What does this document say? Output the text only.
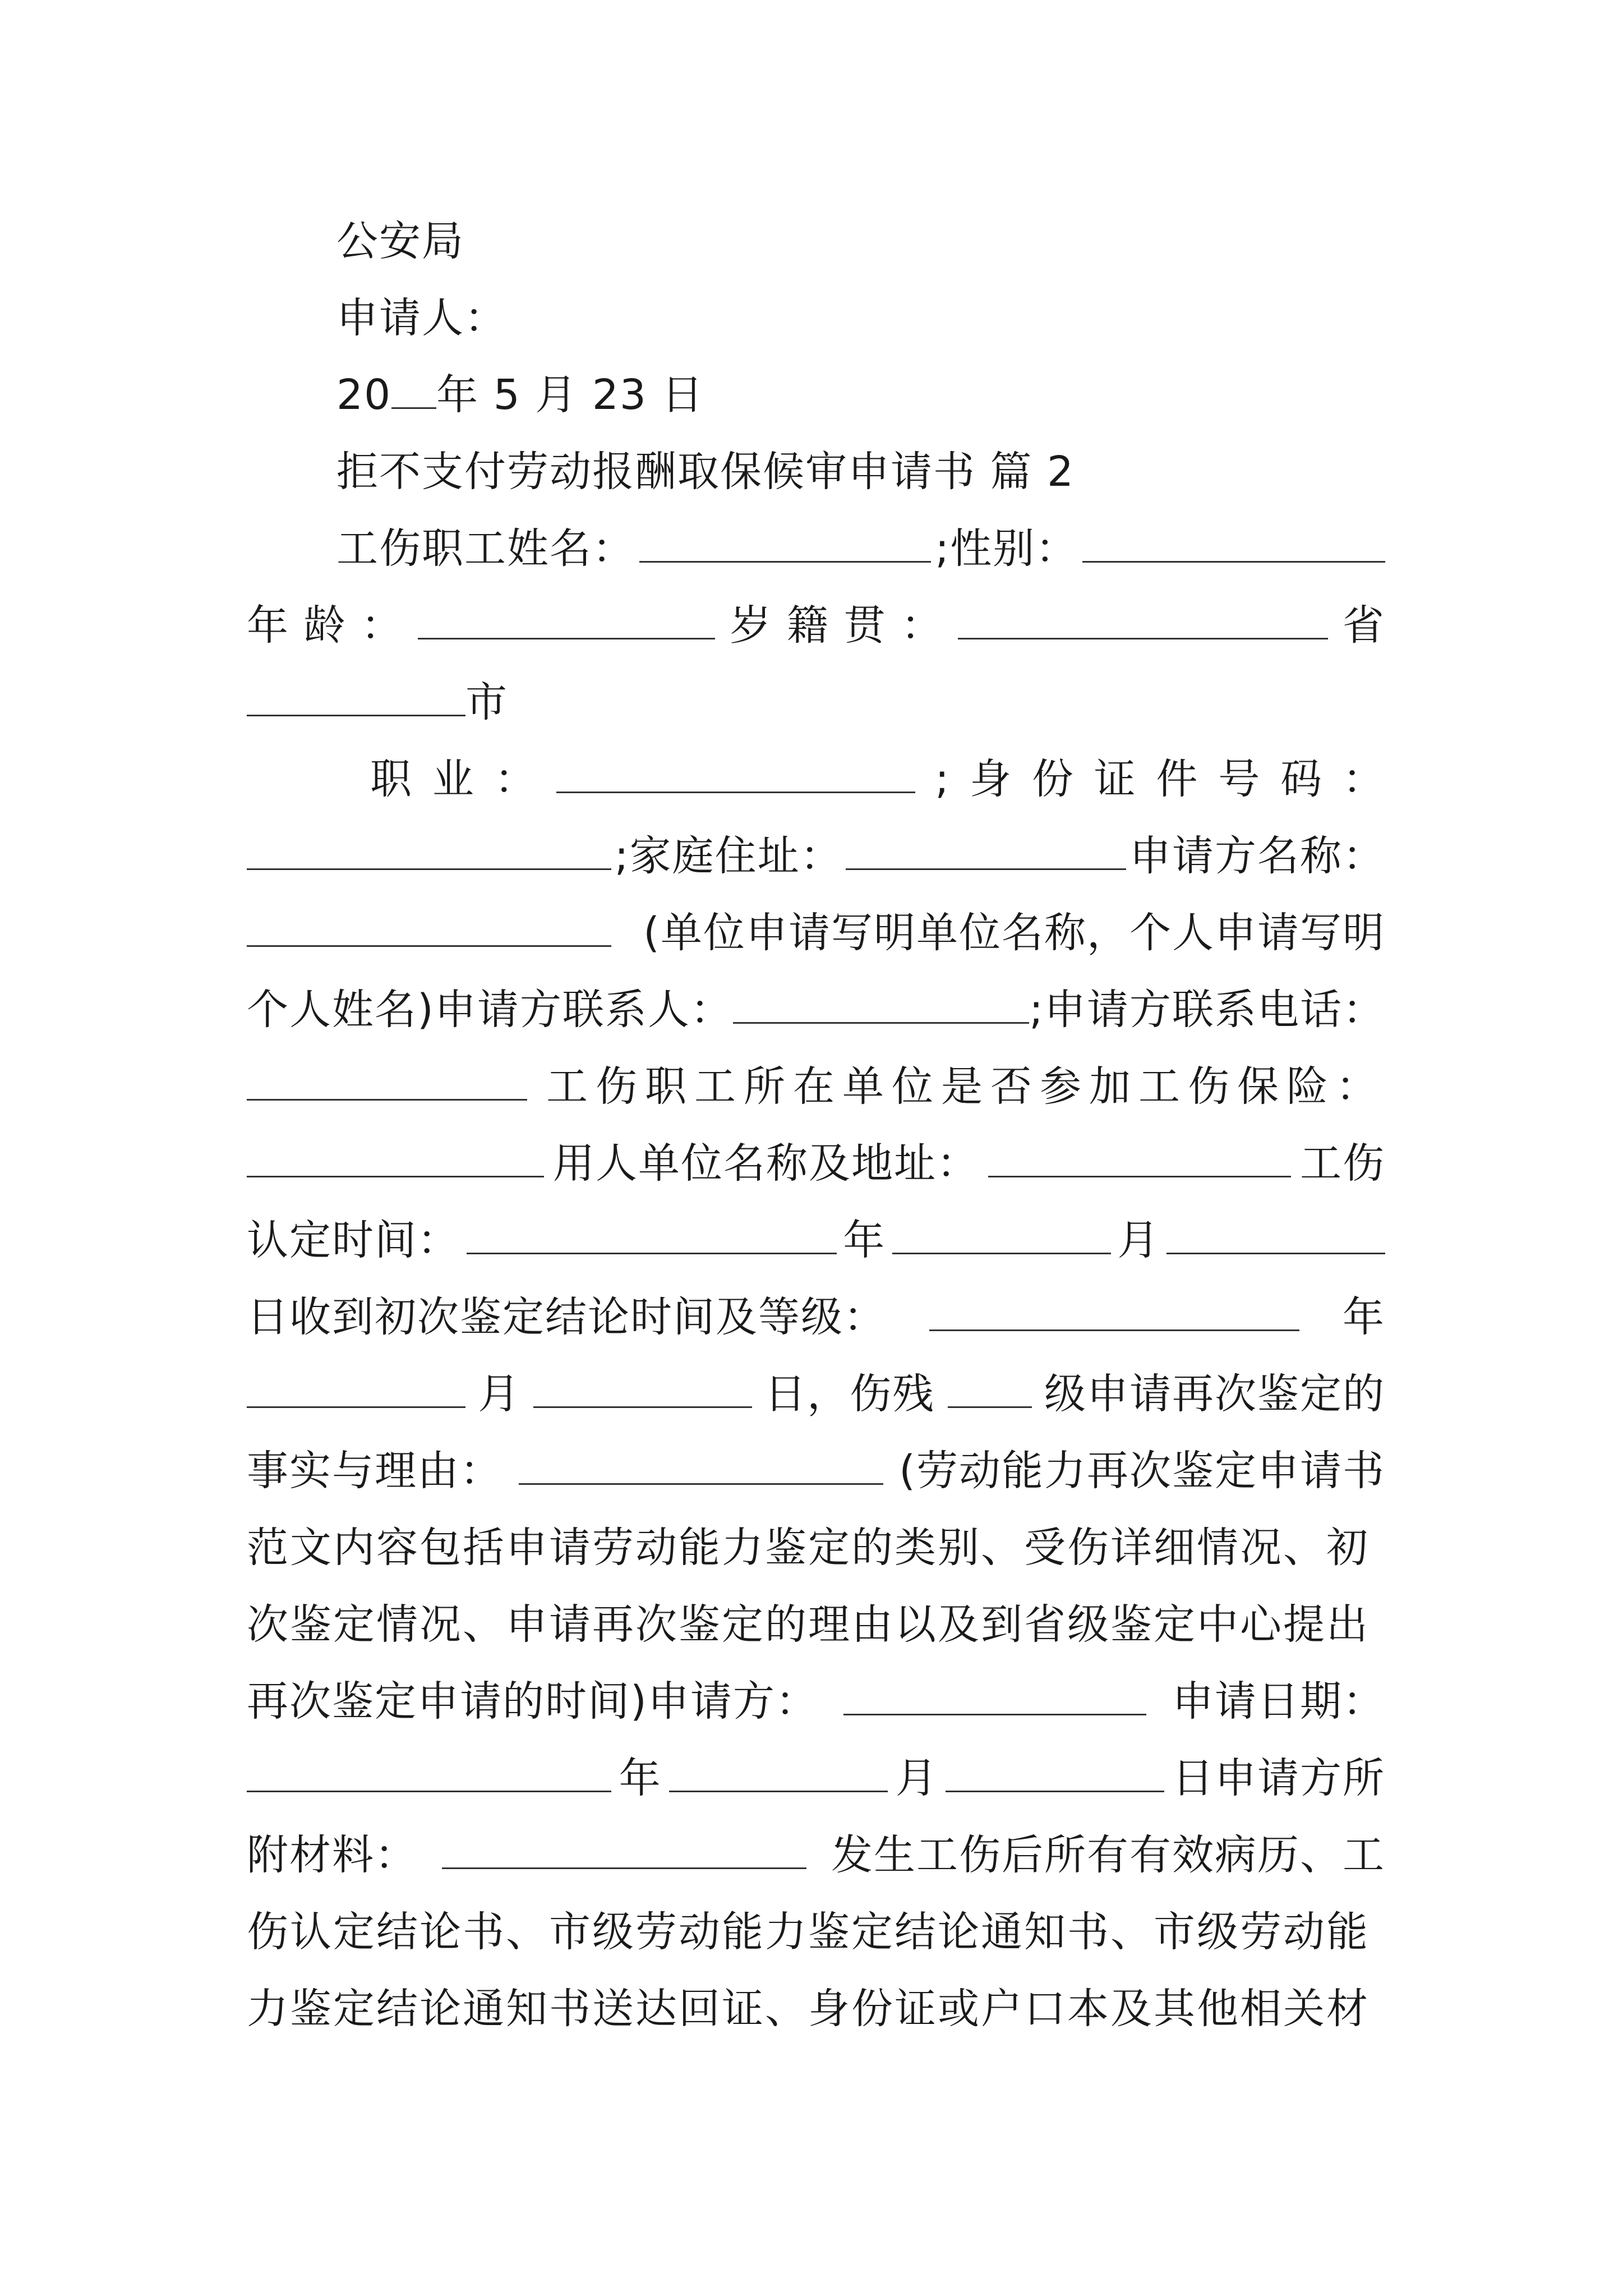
公安局
申请人：
20 年 5 月 23 日
拒不支付劳动报酬取保候审申请书 篇 2
工伤职工姓名：	;性别：
年 龄 ：	岁 籍 贯 ：	省
市
职 业 ：	; 身 份 证 件 号 码 ：
;家庭住址：	申请方名称：
(单位申请写明单位名称，个人申请写明
个人姓名)申请方联系人：	;申请方联系电话：
工伤职工所在单位是否参加工伤保险：
用人单位名称及地址：	工伤
认定时间：	年	月
日收到初次鉴定结论时间及等级：	年
月	日，伤残	级申请再次鉴定的
事实与理由：	(劳动能力再次鉴定申请书
范文内容包括申请劳动能力鉴定的类别、受伤详细情况、初
次鉴定情况、申请再次鉴定的理由以及到省级鉴定中心提出
再次鉴定申请的时间)申请方：	申请日期：
年	月	日申请方所
附材料：	发生工伤后所有有效病历、工
伤认定结论书、市级劳动能力鉴定结论通知书、市级劳动能
力鉴定结论通知书送达回证、身份证或户口本及其他相关材
